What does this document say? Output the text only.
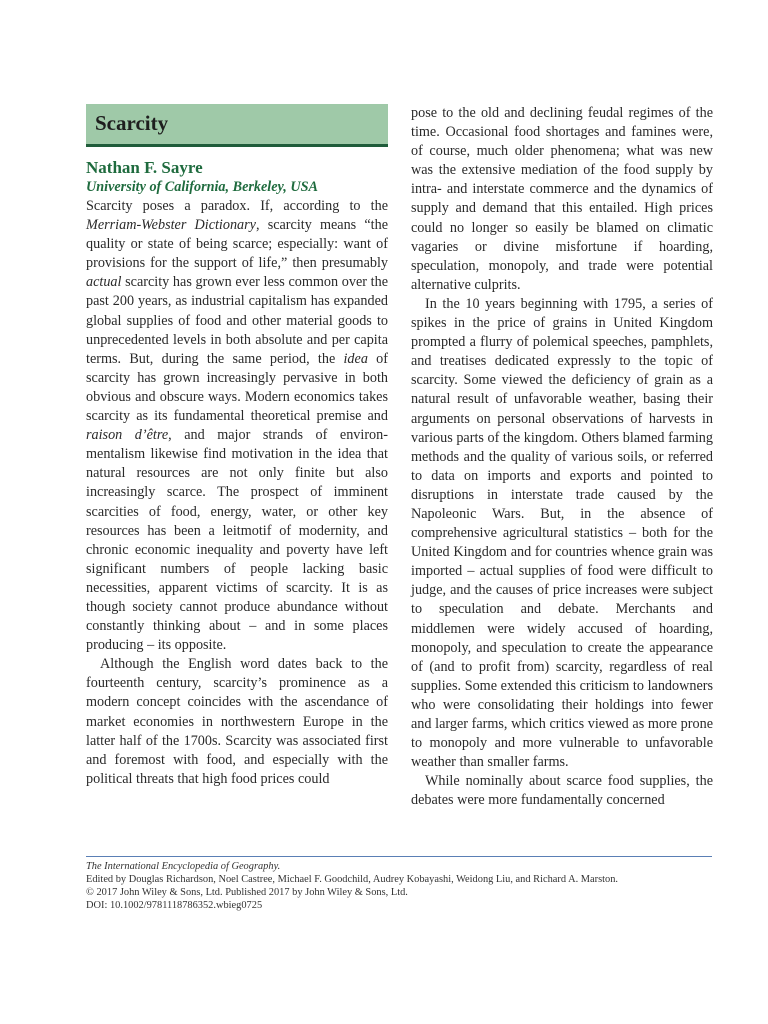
Scarcity

Nathan F. Sayre

University of California, Berkeley, USA

Scarcity poses a paradox. If, according to the Merriam-Webster Dictionary, scarcity means “the quality or state of being scarce; especially: want of provisions for the support of life,” then presumably actual scarcity has grown ever less common over the past 200 years, as industrial capitalism has expanded global supplies of food and other material goods to unprecedented levels in both absolute and per capita terms. But, during the same period, the idea of scarcity has grown increasingly pervasive in both obvious and obscure ways. Modern economics takes scarcity as its fundamental theoretical premise and raison d’être, and major strands of environmentalism likewise find motivation in the idea that natural resources are not only finite but also increasingly scarce. The prospect of imminent scarcities of food, energy, water, or other key resources has been a leitmotif of modernity, and chronic economic inequality and poverty have left significant numbers of people lacking basic necessities, apparent victims of scarcity. It is as though society cannot produce abundance without constantly thinking about – and in some places producing – its opposite.

Although the English word dates back to the fourteenth century, scarcity’s prominence as a modern concept coincides with the ascendance of market economies in northwestern Europe in the latter half of the 1700s. Scarcity was associated first and foremost with food, and especially with the political threats that high food prices could

pose to the old and declining feudal regimes of the time. Occasional food shortages and famines were, of course, much older phenomena; what was new was the extensive mediation of the food supply by intra- and interstate commerce and the dynamics of supply and demand that this entailed. High prices could no longer so easily be blamed on climatic vagaries or divine misfortune if hoarding, speculation, monopoly, and trade were potential alternative culprits.

In the 10 years beginning with 1795, a series of spikes in the price of grains in United Kingdom prompted a flurry of polemical speeches, pamphlets, and treatises dedicated expressly to the topic of scarcity. Some viewed the deficiency of grain as a natural result of unfavorable weather, basing their arguments on personal observations of harvests in various parts of the kingdom. Others blamed farming methods and the quality of various soils, or referred to data on imports and exports and pointed to disruptions in interstate trade caused by the Napoleonic Wars. But, in the absence of comprehensive agricultural statistics – both for the United Kingdom and for countries whence grain was imported – actual supplies of food were difficult to judge, and the causes of price increases were subject to speculation and debate. Merchants and middlemen were widely accused of hoarding, monopoly, and speculation to create the appearance of (and to profit from) scarcity, regardless of real supplies. Some extended this criticism to landowners who were consolidating their holdings into fewer and larger farms, which critics viewed as more prone to monopoly and more vulnerable to unfavorable weather than smaller farms.

While nominally about scarce food supplies, the debates were more fundamentally concerned

The International Encyclopedia of Geography.
Edited by Douglas Richardson, Noel Castree, Michael F. Goodchild, Audrey Kobayashi, Weidong Liu, and Richard A. Marston.
© 2017 John Wiley & Sons, Ltd. Published 2017 by John Wiley & Sons, Ltd.
DOI: 10.1002/9781118786352.wbieg0725
